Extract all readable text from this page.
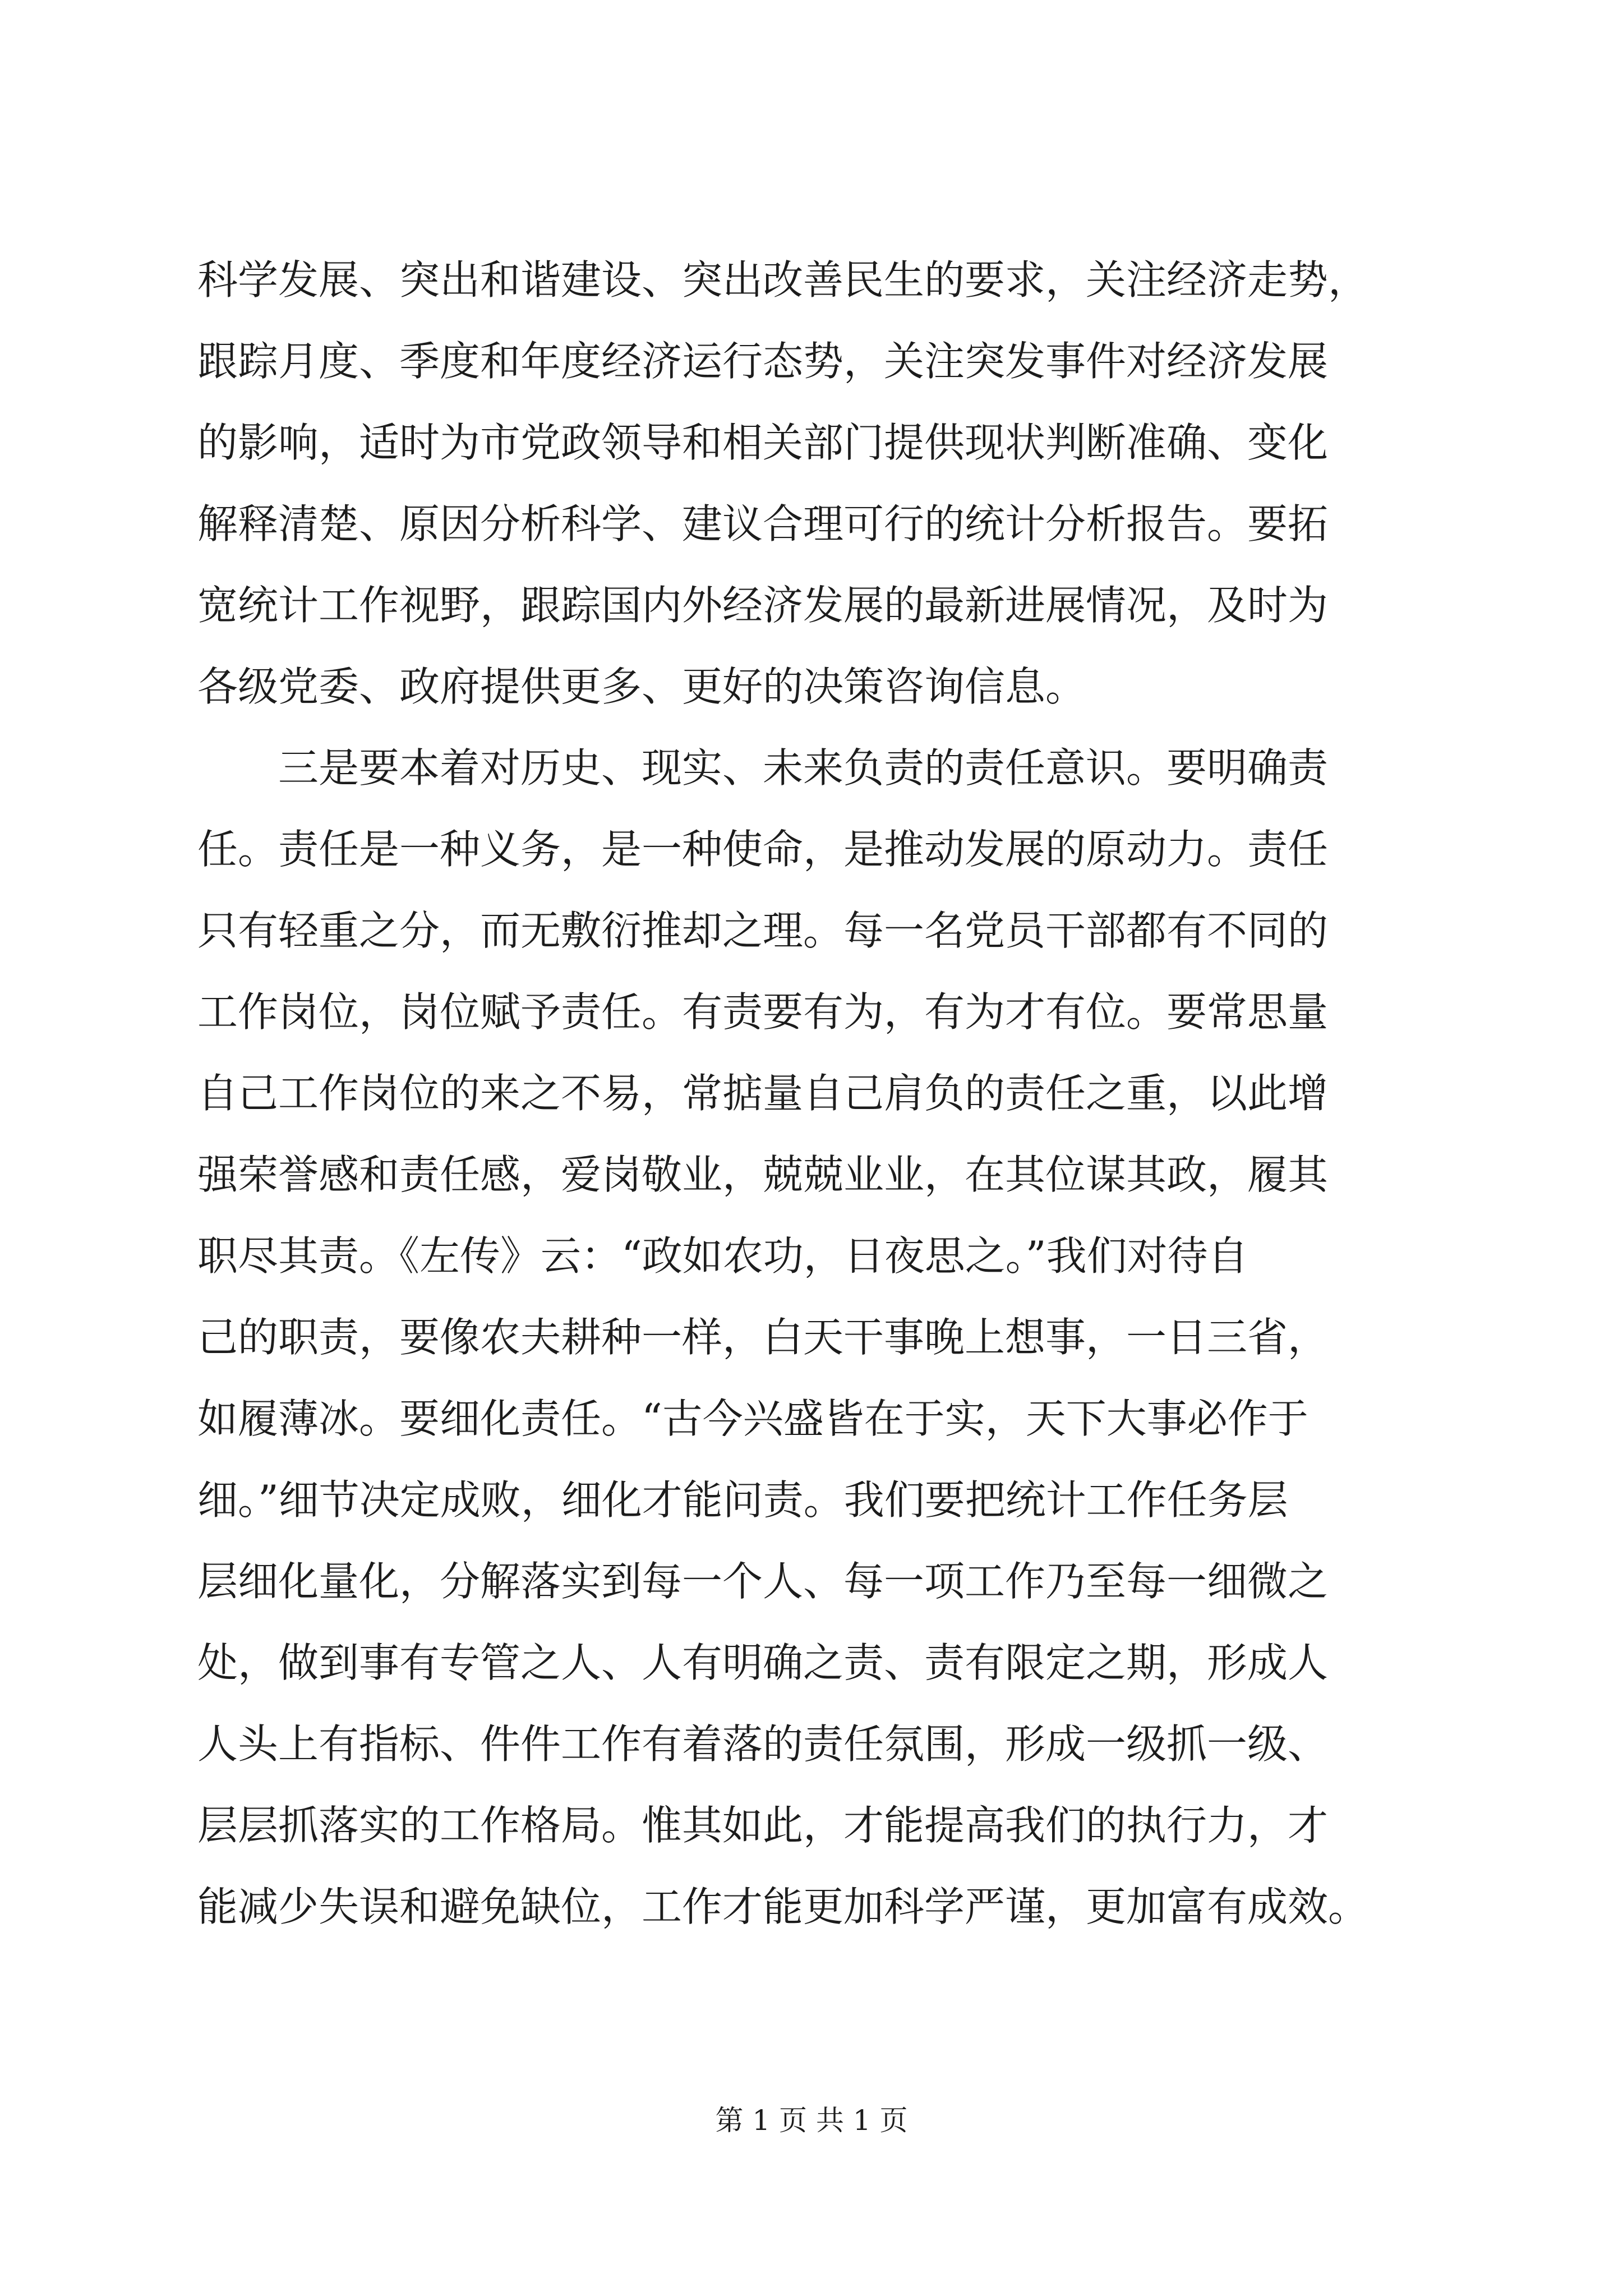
科学发展、突出和谐建设、突出改善民生的要求，关注经济走势，
跟踪月度、季度和年度经济运行态势，关注突发事件对经济发展
的影响，适时为市党政领导和相关部门提供现状判断准确、变化
解释清楚、原因分析科学、建议合理可行的统计分析报告。要拓
宽统计工作视野，跟踪国内外经济发展的最新进展情况，及时为
各级党委、政府提供更多、更好的决策咨询信息。
三是要本着对历史、现实、未来负责的责任意识。要明确责
任。责任是一种义务，是一种使命，是推动发展的原动力。责任
只有轻重之分，而无敷衍推却之理。每一名党员干部都有不同的
工作岗位，岗位赋予责任。有责要有为，有为才有位。要常思量
自己工作岗位的来之不易，常掂量自己肩负的责任之重，以此增
强荣誉感和责任感，爱岗敬业，兢兢业业，在其位谋其政，履其
职尽其责。《左传》云：“政如农功，日夜思之。”我们对待自
己的职责，要像农夫耕种一样，白天干事晚上想事，一日三省，
如履薄冰。要细化责任。“古今兴盛皆在于实，天下大事必作于
细。”细节决定成败，细化才能问责。我们要把统计工作任务层
层细化量化，分解落实到每一个人、每一项工作乃至每一细微之
处，做到事有专管之人、人有明确之责、责有限定之期，形成人
人头上有指标、件件工作有着落的责任氛围，形成一级抓一级、
层层抓落实的工作格局。惟其如此，才能提高我们的执行力，才
能减少失误和避免缺位，工作才能更加科学严谨，更加富有成效。
第 1 页 共 1 页
